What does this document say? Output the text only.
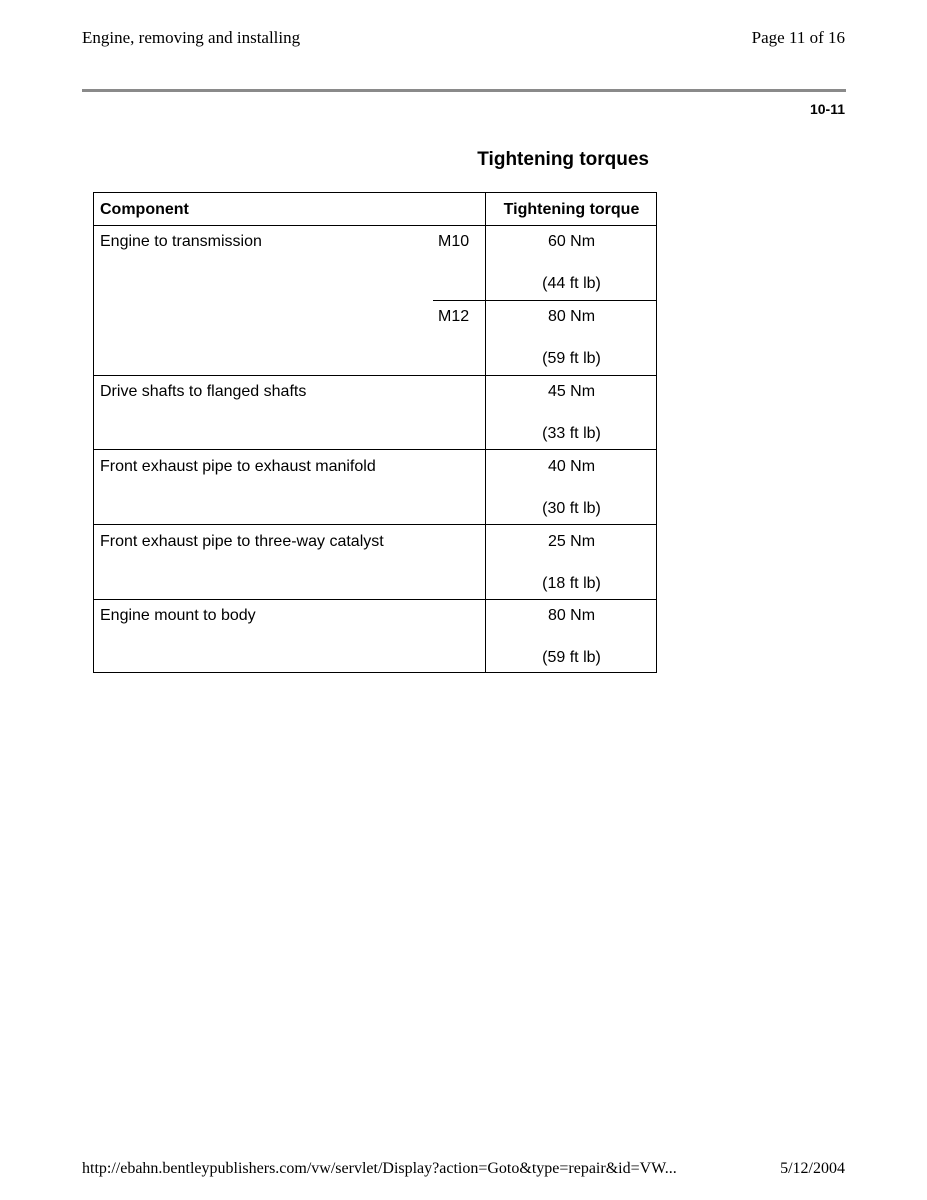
Engine, removing and installing	Page 11 of 16
10-11
Tightening torques
Component	Tightening torque
Engine to transmission	M10	60 Nm
(44 ft lb)
M12	80 Nm
(59 ft lb)
Drive shafts to flanged shafts	45 Nm
(33 ft lb)
Front exhaust pipe to exhaust manifold	40 Nm
(30 ft lb)
Front exhaust pipe to three-way catalyst	25 Nm
(18 ft lb)
Engine mount to body	80 Nm
(59 ft lb)
http://ebahn.bentleypublishers.com/vw/servlet/Display?action=Goto&type=repair&id=VW...	5/12/2004
